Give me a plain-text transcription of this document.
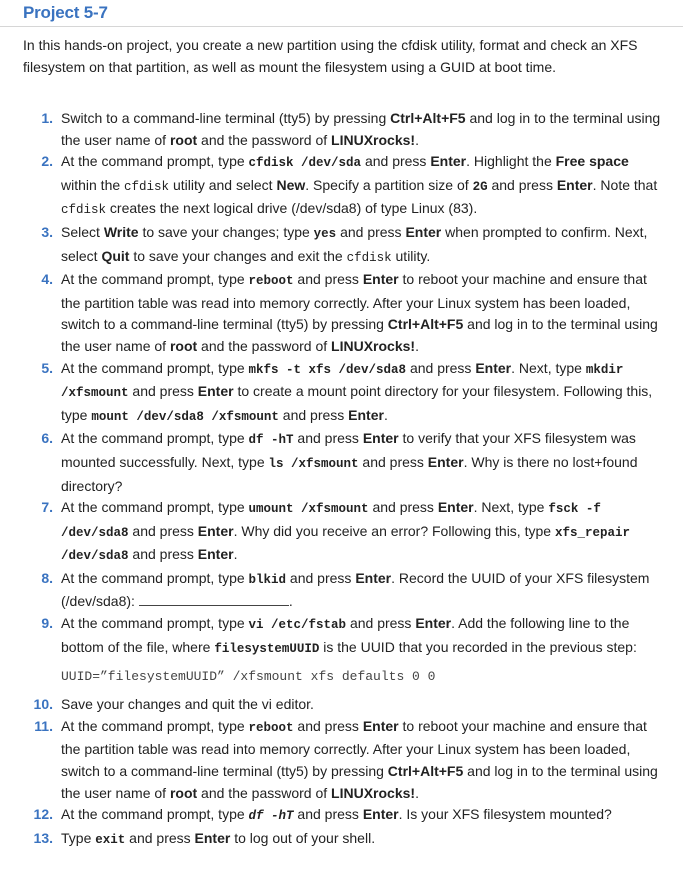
Project 5-7
In this hands-on project, you create a new partition using the cfdisk utility, format and check an XFS filesystem on that partition, as well as mount the filesystem using a GUID at boot time.
1. Switch to a command-line terminal (tty5) by pressing Ctrl+Alt+F5 and log in to the terminal using the user name of root and the password of LINUXrocks!.
2. At the command prompt, type cfdisk /dev/sda and press Enter. Highlight the Free space within the cfdisk utility and select New. Specify a partition size of 2G and press Enter. Note that cfdisk creates the next logical drive (/dev/sda8) of type Linux (83).
3. Select Write to save your changes; type yes and press Enter when prompted to confirm. Next, select Quit to save your changes and exit the cfdisk utility.
4. At the command prompt, type reboot and press Enter to reboot your machine and ensure that the partition table was read into memory correctly. After your Linux system has been loaded, switch to a command-line terminal (tty5) by pressing Ctrl+Alt+F5 and log in to the terminal using the user name of root and the password of LINUXrocks!.
5. At the command prompt, type mkfs -t xfs /dev/sda8 and press Enter. Next, type mkdir /xfsmount and press Enter to create a mount point directory for your filesystem. Following this, type mount /dev/sda8 /xfsmount and press Enter.
6. At the command prompt, type df -hT and press Enter to verify that your XFS filesystem was mounted successfully. Next, type ls /xfsmount and press Enter. Why is there no lost+found directory?
7. At the command prompt, type umount /xfsmount and press Enter. Next, type fsck -f /dev/sda8 and press Enter. Why did you receive an error? Following this, type xfs_repair /dev/sda8 and press Enter.
8. At the command prompt, type blkid and press Enter. Record the UUID of your XFS filesystem (/dev/sda8):	.
9. At the command prompt, type vi /etc/fstab and press Enter. Add the following line to the bottom of the file, where filesystemUUID is the UUID that you recorded in the previous step:
UUID=”filesystemUUID” /xfsmount xfs defaults 0 0
10. Save your changes and quit the vi editor.
11. At the command prompt, type reboot and press Enter to reboot your machine and ensure that the partition table was read into memory correctly. After your Linux system has been loaded, switch to a command-line terminal (tty5) by pressing Ctrl+Alt+F5 and log in to the terminal using the user name of root and the password of LINUXrocks!.
12. At the command prompt, type df -hT and press Enter. Is your XFS filesystem mounted?
13. Type exit and press Enter to log out of your shell.
